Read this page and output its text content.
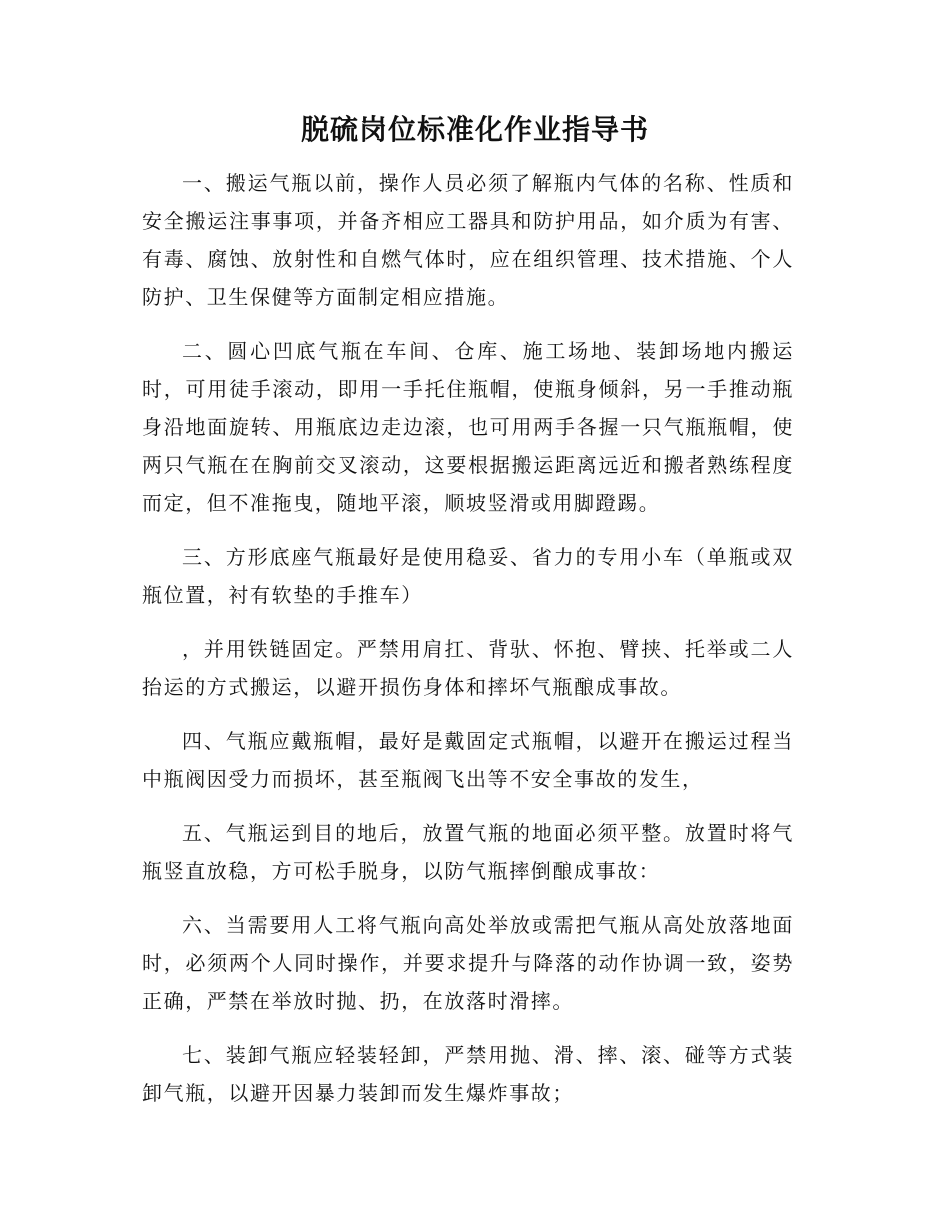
脱硫岗位标准化作业指导书

一、搬运气瓶以前，操作人员必须了解瓶内气体的名称、性质和安全搬运注事事项，并备齐相应工器具和防护用品，如介质为有害、有毒、腐蚀、放射性和自燃气体时，应在组织管理、技术措施、个人防护、卫生保健等方面制定相应措施。

二、圆心凹底气瓶在车间、仓库、施工场地、装卸场地内搬运时，可用徒手滚动，即用一手托住瓶帽，使瓶身倾斜，另一手推动瓶身沿地面旋转、用瓶底边走边滚，也可用两手各握一只气瓶瓶帽，使两只气瓶在在胸前交叉滚动，这要根据搬运距离远近和搬者熟练程度而定，但不准拖曳，随地平滚，顺坡竖滑或用脚蹬踢。

三、方形底座气瓶最好是使用稳妥、省力的专用小车（单瓶或双瓶位置，衬有软垫的手推车）

，并用铁链固定。严禁用肩扛、背驮、怀抱、臂挟、托举或二人抬运的方式搬运，以避开损伤身体和摔坏气瓶酿成事故。

四、气瓶应戴瓶帽，最好是戴固定式瓶帽，以避开在搬运过程当中瓶阀因受力而损坏，甚至瓶阀飞出等不安全事故的发生，

五、气瓶运到目的地后，放置气瓶的地面必须平整。放置时将气瓶竖直放稳，方可松手脱身，以防气瓶摔倒酿成事故：

六、当需要用人工将气瓶向高处举放或需把气瓶从高处放落地面时，必须两个人同时操作，并要求提升与降落的动作协调一致，姿势正确，严禁在举放时抛、扔，在放落时滑摔。

七、装卸气瓶应轻装轻卸，严禁用抛、滑、摔、滚、碰等方式装卸气瓶，以避开因暴力装卸而发生爆炸事故；
